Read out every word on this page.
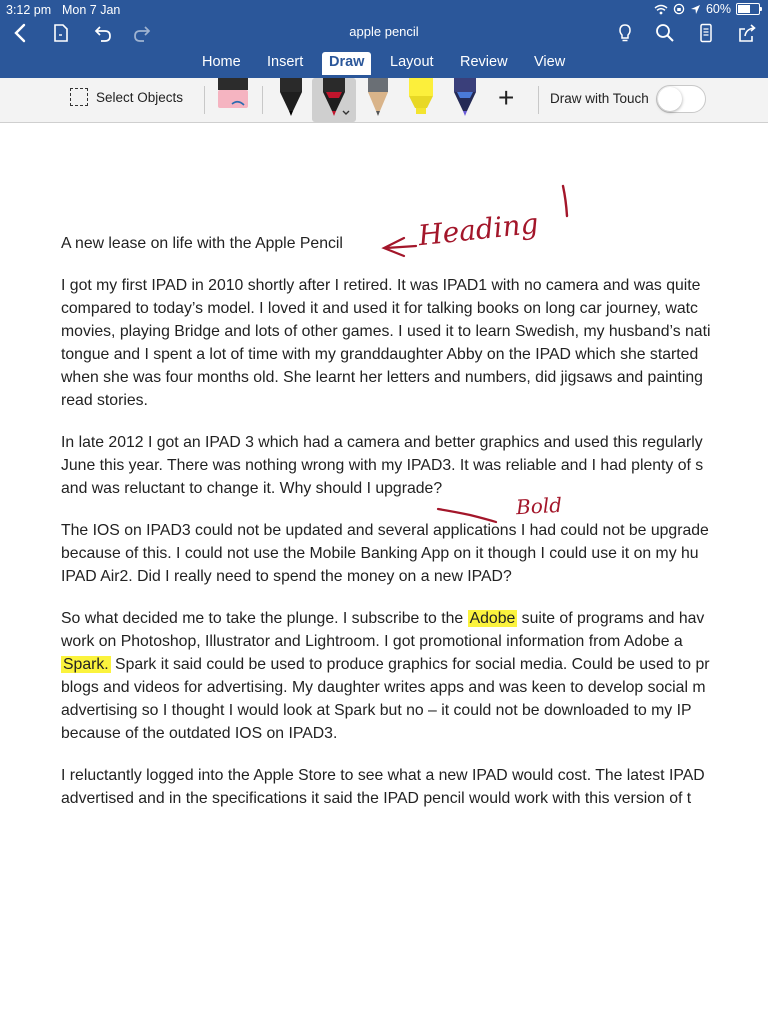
3:12 pm Mon 7 Jan	60%
apple pencil
Home Insert	Draw	Layout Review View
Select Objects	+	Draw with Touch

A new lease on life with the Apple Pencil

I got my first IPAD in 2010 shortly after I retired. It was IPAD1 with no camera and was quite
compared to today’s model. I loved it and used it for talking books on long car journey, watc
movies, playing Bridge and lots of other games. I used it to learn Swedish, my husband’s nati
tongue and I spent a lot of time with my granddaughter Abby on the IPAD which she started
when she was four months old. She learnt her letters and numbers, did jigsaws and painting
read stories.

In late 2012 I got an IPAD 3 which had a camera and better graphics and used this regularly
June this year. There was nothing wrong with my IPAD3. It was reliable and I had plenty of s
and was reluctant to change it. Why should I upgrade?

The IOS on IPAD3 could not be updated and several applications I had could not be upgrade
because of this. I could not use the Mobile Banking App on it though I could use it on my hu
IPAD Air2. Did I really need to spend the money on a new IPAD?

So what decided me to take the plunge. I subscribe to the Adobe suite of programs and hav
work on Photoshop, Illustrator and Lightroom. I got promotional information from Adobe a
Spark. Spark it said could be used to produce graphics for social media. Could be used to pr
blogs and videos for advertising. My daughter writes apps and was keen to develop social m
advertising so I thought I would look at Spark but no – it could not be downloaded to my IP
because of the outdated IOS on IPAD3.

I reluctantly logged into the Apple Store to see what a new IPAD would cost. The latest IPAD
advertised and in the specifications it said the IPAD pencil would work with this version of t

Heading
Bold
